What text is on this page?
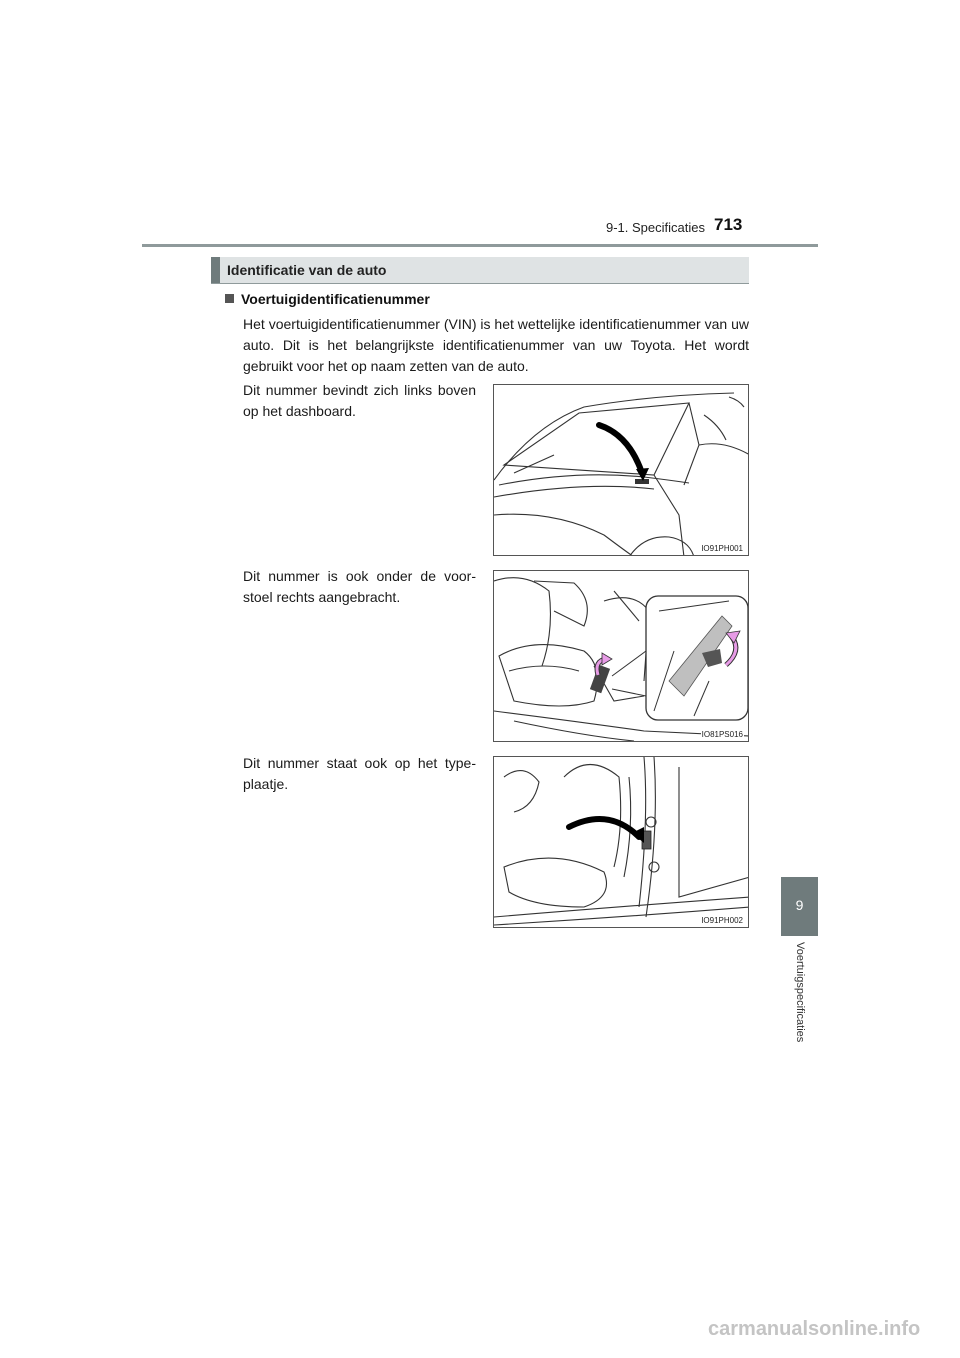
9-1. Specificaties 713
Identificatie van de auto
Voertuigidentificatienummer
Het voertuigidentificatienummer (VIN) is het wettelijke identificatienummer van uw auto. Dit is het belangrijkste identificatienummer van uw Toyota. Het wordt gebruikt voor het op naam zetten van de auto.
Dit nummer bevindt zich links boven op het dashboard.
IO91PH001
Dit nummer is ook onder de voor-stoel rechts aangebracht.
IO81PS016
Dit nummer staat ook op het type-plaatje.
IO91PH002
9
Voertuigspecificaties
carmanualsonline.info
